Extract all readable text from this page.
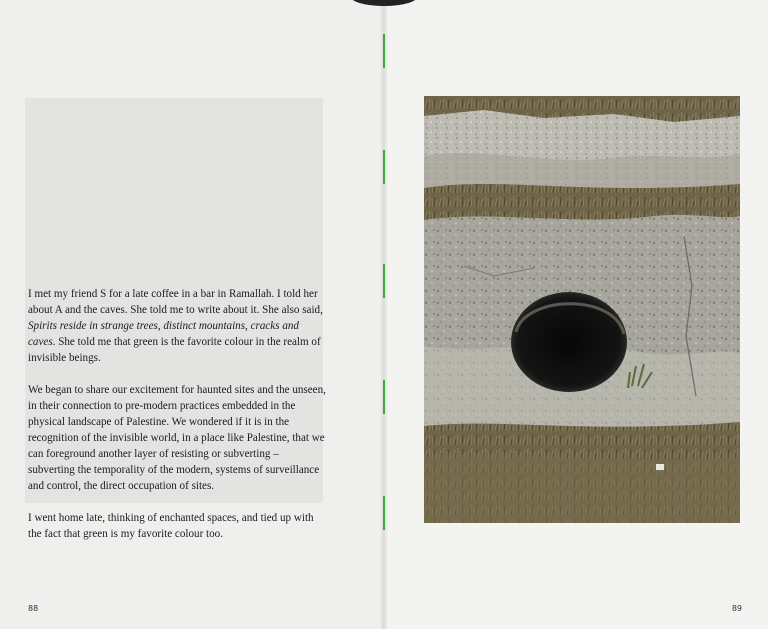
I met my friend S for a late coffee in a bar in Ramallah. I told her about A and the caves. She told me to write about it. She also said, Spirits reside in strange trees, distinct mountains, cracks and caves. She told me that green is the favorite colour in the realm of invisible beings.

We began to share our excitement for haunted sites and the unseen, in their connection to pre-modern practices embedded in the physical landscape of Palestine. We wondered if it is in the recognition of the invisible world, in a place like Palestine, that we can foreground another layer of resisting or subverting – subverting the temporality of the modern, systems of surveillance and control, the direct occupation of sites.

I went home late, thinking of enchanted spaces, and tied up with the fact that green is my favorite colour too.

88	89
